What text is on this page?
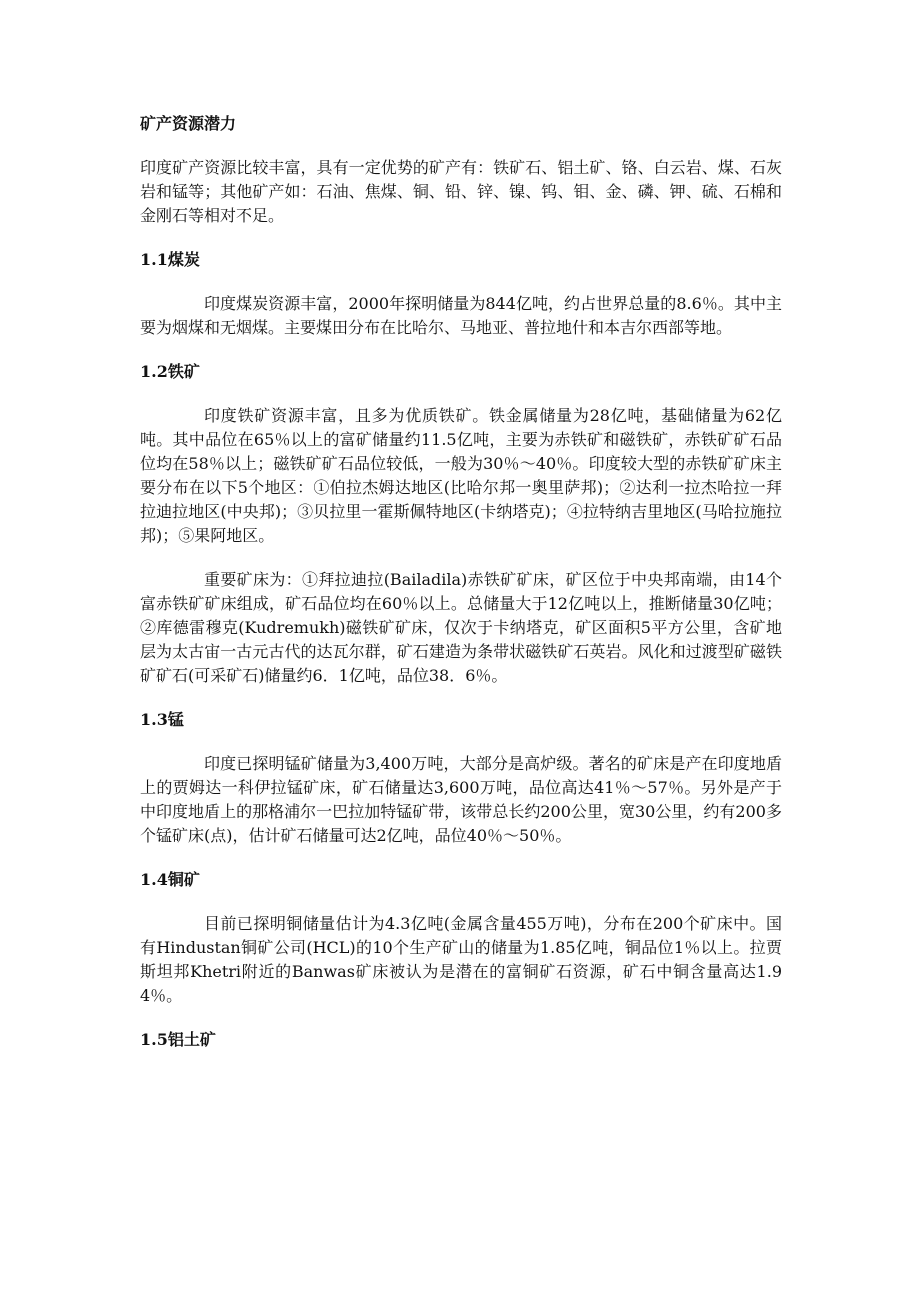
矿产资源潜力

印度矿产资源比较丰富，具有一定优势的矿产有：铁矿石、铝土矿、铬、白云岩、煤、石灰岩和锰等；其他矿产如：石油、焦煤、铜、铅、锌、镍、钨、钼、金、磷、钾、硫、石棉和金刚石等相对不足。

1.1煤炭

印度煤炭资源丰富，2000年探明储量为844亿吨，约占世界总量的8.6％。其中主要为烟煤和无烟煤。主要煤田分布在比哈尔、马地亚、普拉地什和本吉尔西部等地。

1.2铁矿

印度铁矿资源丰富，且多为优质铁矿。铁金属储量为28亿吨，基础储量为62亿吨。其中品位在65％以上的富矿储量约11.5亿吨，主要为赤铁矿和磁铁矿，赤铁矿矿石品位均在58％以上；磁铁矿矿石品位较低，一般为30％～40％。印度较大型的赤铁矿矿床主要分布在以下5个地区：①伯拉杰姆达地区(比哈尔邦一奥里萨邦)；②达利一拉杰哈拉一拜拉迪拉地区(中央邦)；③贝拉里一霍斯佩特地区(卡纳塔克)；④拉特纳吉里地区(马哈拉施拉邦)；⑤果阿地区。

重要矿床为：①拜拉迪拉(Bailadila)赤铁矿矿床，矿区位于中央邦南端，由14个富赤铁矿矿床组成，矿石品位均在60％以上。总储量大于12亿吨以上，推断储量30亿吨；②库德雷穆克(Kudremukh)磁铁矿矿床，仅次于卡纳塔克，矿区面积5平方公里，含矿地层为太古宙一古元古代的达瓦尔群，矿石建造为条带状磁铁矿石英岩。风化和过渡型矿磁铁矿矿石(可采矿石)储量约6．1亿吨，品位38．6％。

1.3锰

印度已探明锰矿储量为3,400万吨，大部分是高炉级。著名的矿床是产在印度地盾上的贾姆达一科伊拉锰矿床，矿石储量达3,600万吨，品位高达41％～57％。另外是产于中印度地盾上的那格浦尔一巴拉加特锰矿带，该带总长约200公里，宽30公里，约有200多个锰矿床(点)，估计矿石储量可达2亿吨，品位40％～50％。

1.4铜矿

目前已探明铜储量估计为4.3亿吨(金属含量455万吨)，分布在200个矿床中。国有Hindustan铜矿公司(HCL)的10个生产矿山的储量为1.85亿吨，铜品位1％以上。拉贾斯坦邦Khetri附近的Banwas矿床被认为是潜在的富铜矿石资源，矿石中铜含量高达1.94％。

1.5铝土矿
